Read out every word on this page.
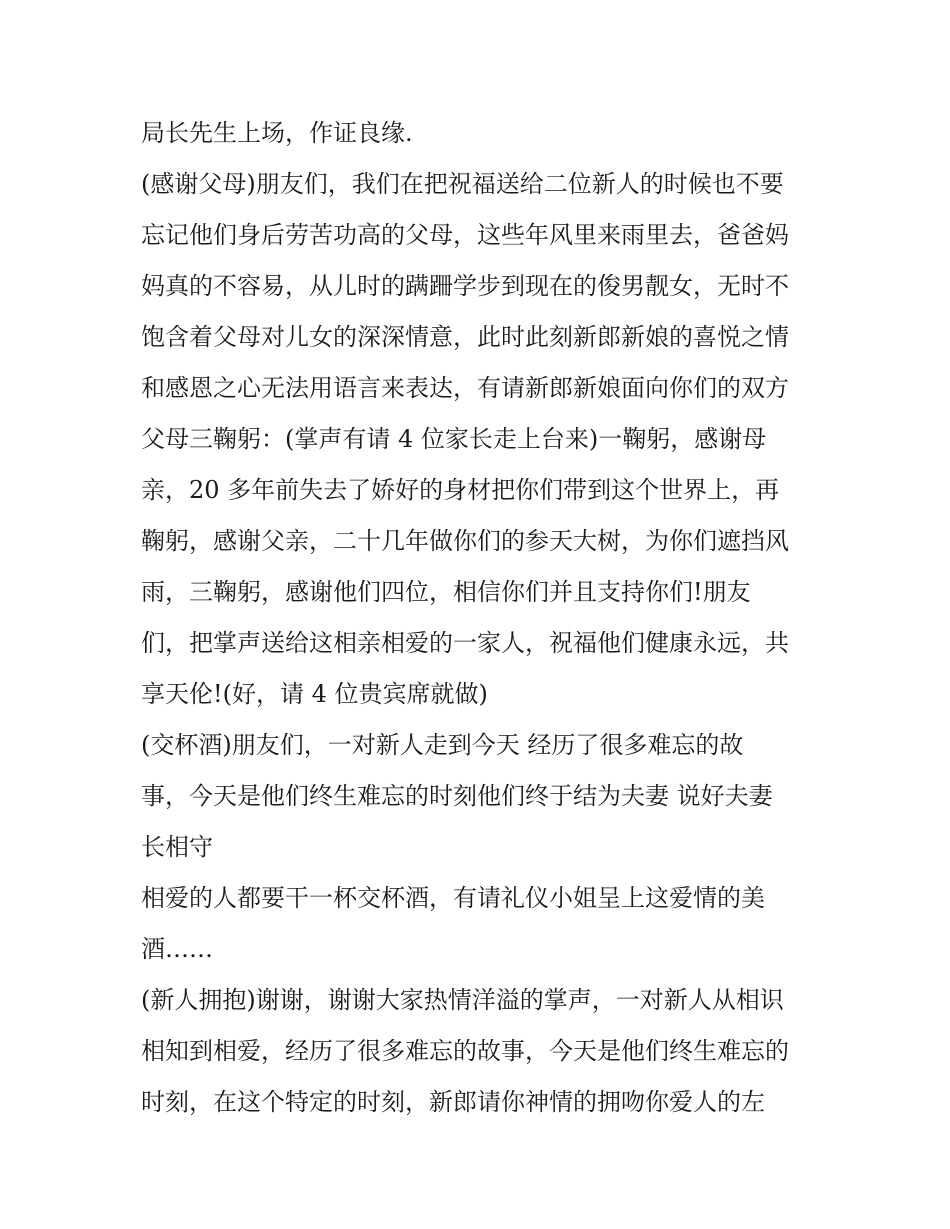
局长先生上场，作证良缘.
(感谢父母)朋友们，我们在把祝福送给二位新人的时候也不要
忘记他们身后劳苦功高的父母，这些年风里来雨里去，爸爸妈
妈真的不容易，从儿时的蹒跚学步到现在的俊男靓女，无时不
饱含着父母对儿女的深深情意，此时此刻新郎新娘的喜悦之情
和感恩之心无法用语言来表达，有请新郎新娘面向你们的双方
父母三鞠躬：(掌声有请 4 位家长走上台来)一鞠躬，感谢母
亲，20 多年前失去了娇好的身材把你们带到这个世界上，再
鞠躬，感谢父亲，二十几年做你们的参天大树，为你们遮挡风
雨，三鞠躬，感谢他们四位，相信你们并且支持你们!朋友
们，把掌声送给这相亲相爱的一家人，祝福他们健康永远，共
享天伦!(好，请 4 位贵宾席就做)
(交杯酒)朋友们，一对新人走到今天 经历了很多难忘的故
事，今天是他们终生难忘的时刻他们终于结为夫妻 说好夫妻
长相守
相爱的人都要干一杯交杯酒，有请礼仪小姐呈上这爱情的美
酒……
(新人拥抱)谢谢，谢谢大家热情洋溢的掌声，一对新人从相识
相知到相爱，经历了很多难忘的故事，今天是他们终生难忘的
时刻，在这个特定的时刻，新郎请你神情的拥吻你爱人的左
